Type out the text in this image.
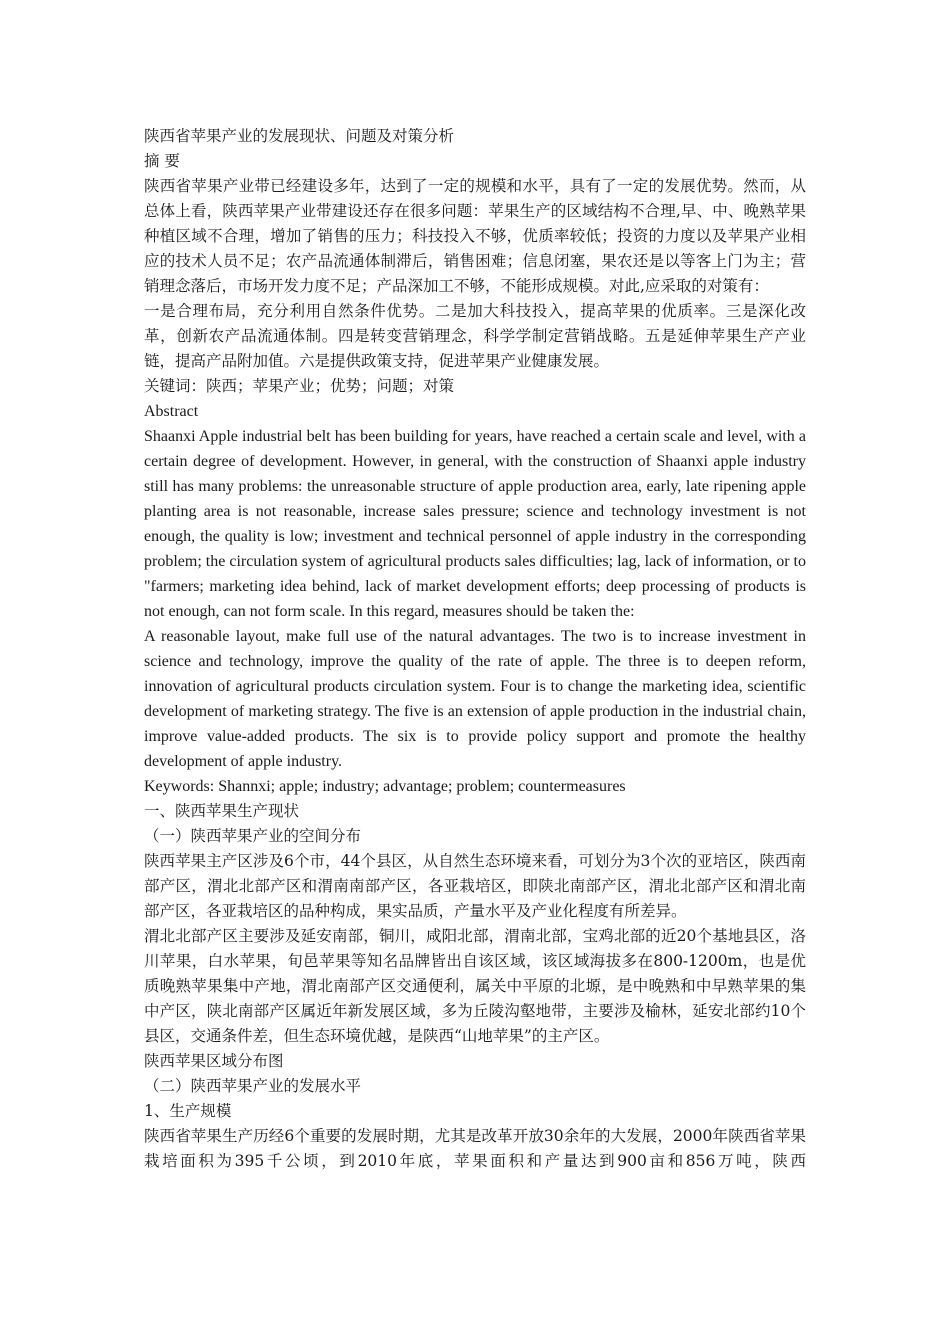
陕西省苹果产业的发展现状、问题及对策分析

摘 要

陕西省苹果产业带已经建设多年，达到了一定的规模和水平，具有了一定的发展优势。然而，从总体上看，陕西苹果产业带建设还存在很多问题：苹果生产的区域结构不合理,早、中、晚熟苹果种植区域不合理，增加了销售的压力；科技投入不够，优质率较低；投资的力度以及苹果产业相应的技术人员不足；农产品流通体制滞后，销售困难；信息闭塞，果农还是以等客上门为主；营销理念落后，市场开发力度不足；产品深加工不够，不能形成规模。对此,应采取的对策有：

一是合理布局，充分利用自然条件优势。二是加大科技投入，提高苹果的优质率。三是深化改革，创新农产品流通体制。四是转变营销理念，科学学制定营销战略。五是延伸苹果生产产业链，提高产品附加值。六是提供政策支持，促进苹果产业健康发展。

关键词：陕西；苹果产业；优势；问题；对策

Abstract

Shaanxi Apple industrial belt has been building for years, have reached a certain scale and level, with a certain degree of development. However, in general, with the construction of Shaanxi apple industry still has many problems: the unreasonable structure of apple production area, early, late ripening apple planting area is not reasonable, increase sales pressure; science and technology investment is not enough, the quality is low; investment and technical personnel of apple industry in the corresponding problem; the circulation system of agricultural products sales difficulties; lag, lack of information, or to "farmers; marketing idea behind, lack of market development efforts; deep processing of products is not enough, can not form scale. In this regard, measures should be taken the:

A reasonable layout, make full use of the natural advantages. The two is to increase investment in science and technology, improve the quality of the rate of apple. The three is to deepen reform, innovation of agricultural products circulation system. Four is to change the marketing idea, scientific development of marketing strategy. The five is an extension of apple production in the industrial chain, improve value-added products. The six is to provide policy support and promote the healthy development of apple industry.

Keywords: Shannxi; apple; industry; advantage; problem; countermeasures

一、陕西苹果生产现状

（一）陕西苹果产业的空间分布

陕西苹果主产区涉及6个市，44个县区，从自然生态环境来看，可划分为3个次的亚培区，陕西南部产区，渭北北部产区和渭南南部产区，各亚栽培区，即陕北南部产区，渭北北部产区和渭北南部产区，各亚栽培区的品种构成，果实品质，产量水平及产业化程度有所差异。

渭北北部产区主要涉及延安南部，铜川，咸阳北部，渭南北部，宝鸡北部的近20个基地县区，洛川苹果，白水苹果，旬邑苹果等知名品牌皆出自该区域，该区域海拔多在800-1200m，也是优质晚熟苹果集中产地，渭北南部产区交通便利，属关中平原的北塬，是中晚熟和中早熟苹果的集中产区，陕北南部产区属近年新发展区域，多为丘陵沟壑地带，主要涉及榆林，延安北部约10个县区，交通条件差，但生态环境优越，是陕西“山地苹果”的主产区。

陕西苹果区域分布图

（二）陕西苹果产业的发展水平

1、生产规模

陕西省苹果生产历经6个重要的发展时期，尤其是改革开放30余年的大发展，2000年陕西省苹果栽培面积为395千公顷，到2010年底，苹果面积和产量达到900亩和856万吨，陕西
